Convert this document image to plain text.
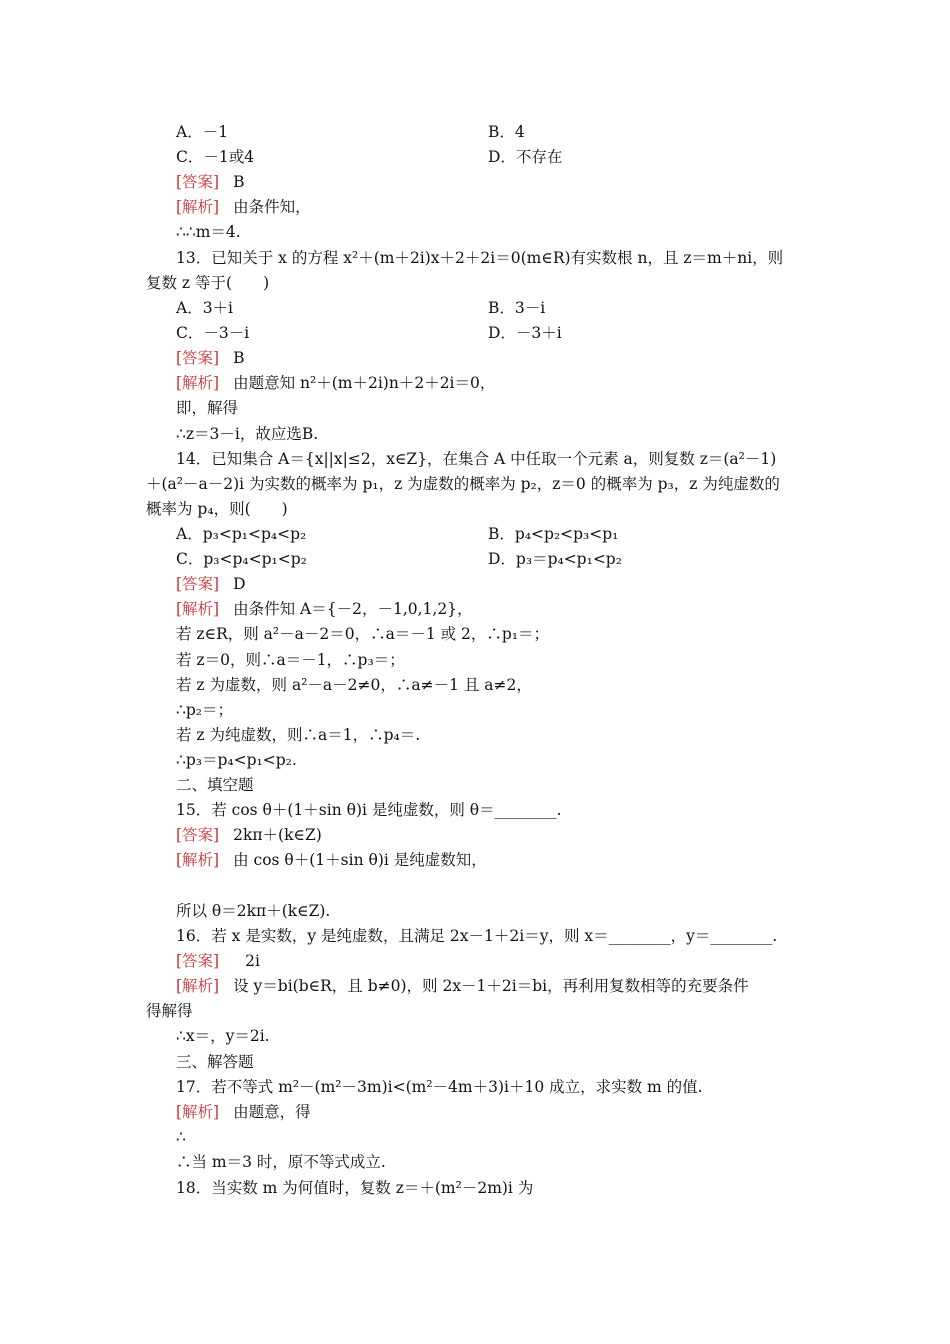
A．－1	B．4
C．－1或4	D．不存在
[答案] B
[解析] 由条件知，
∴∴m＝4.
13．已知关于 x 的方程 x²＋(m＋2i)x＋2＋2i＝0(m∈R)有实数根 n，且 z＝m＋ni，则
复数 z 等于(　　)
A．3＋i	B．3－i
C．－3－i	D．－3＋i
[答案] B
[解析] 由题意知 n²＋(m＋2i)n＋2＋2i＝0，
即，解得
∴z＝3－i，故应选B.
14．已知集合 A＝{x||x|≤2，x∈Z}，在集合 A 中任取一个元素 a，则复数 z＝(a²－1)
＋(a²－a－2)i 为实数的概率为 p₁，z 为虚数的概率为 p₂，z＝0 的概率为 p₃，z 为纯虚数的
概率为 p₄，则(　　)
A．p₃<p₁<p₄<p₂	B．p₄<p₂<p₃<p₁
C．p₃<p₄<p₁<p₂	D．p₃＝p₄<p₁<p₂
[答案] D
[解析] 由条件知 A＝{－2，－1,0,1,2}，
若 z∈R，则 a²－a－2＝0，∴a＝－1 或 2，∴p₁＝；
若 z＝0，则∴a＝－1，∴p₃＝；
若 z 为虚数，则 a²－a－2≠0，∴a≠－1 且 a≠2，
∴p₂＝；
若 z 为纯虚数，则∴a＝1，∴p₄＝.
∴p₃＝p₄<p₁<p₂.
二、填空题
15．若 cos θ＋(1＋sin θ)i 是纯虚数，则 θ＝________.
[答案] 2kπ＋(k∈Z)
[解析] 由 cos θ＋(1＋sin θ)i 是纯虚数知，
所以 θ＝2kπ＋(k∈Z).
16．若 x 是实数，y 是纯虚数，且满足 2x－1＋2i＝y，则 x＝________，y＝________.
[答案] 2i
[解析] 设 y＝bi(b∈R，且 b≠0)，则 2x－1＋2i＝bi，再利用复数相等的充要条件
得解得
∴x＝，y＝2i.
三、解答题
17．若不等式 m²－(m²－3m)i<(m²－4m＋3)i＋10 成立，求实数 m 的值.
[解析] 由题意，得
∴
∴当 m＝3 时，原不等式成立.
18．当实数 m 为何值时，复数 z＝＋(m²－2m)i 为
